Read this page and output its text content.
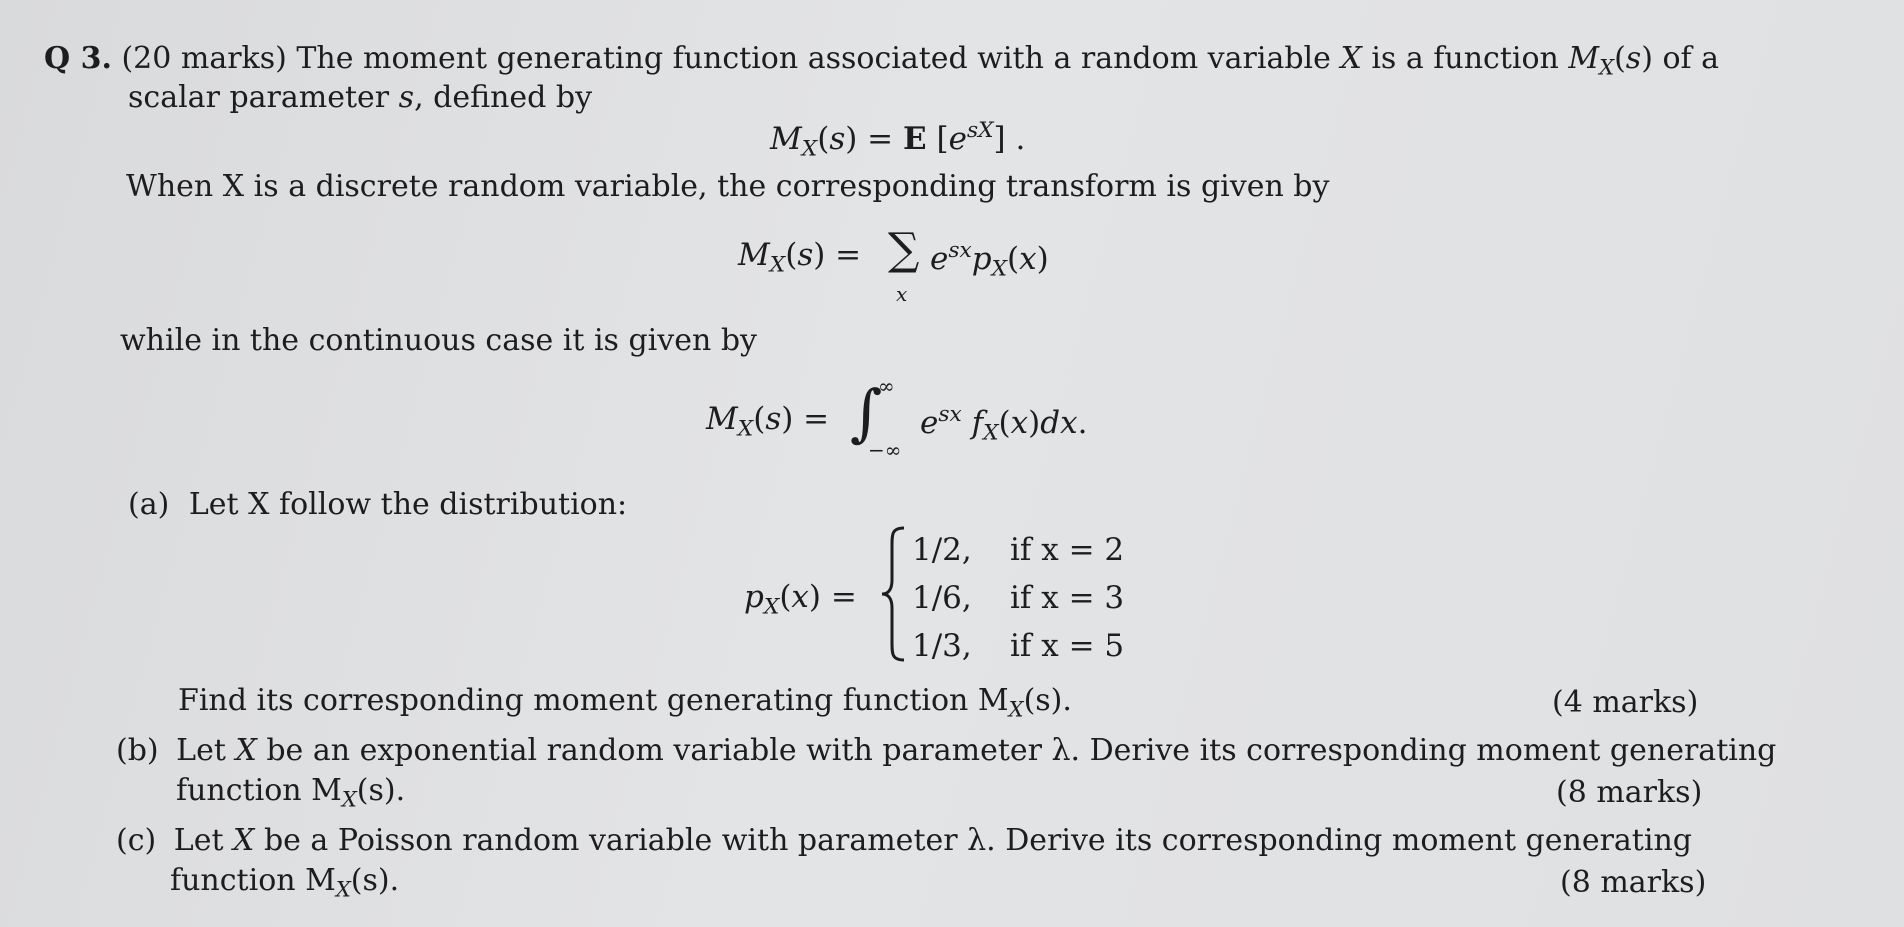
Q 3. (20 marks) The moment generating function associated with a random variable X is a function $M_X(s)$ of a
scalar parameter s, defined by
$M_X(s) = E$ $[e^{sX}]$ .
When X is a discrete random variable, the corresponding transform is given by
$M_X(s)$ = ∑
x
$e^{sx}p_X(x)$
while in the continuous case it is given by
$M_X(s)$ = ∫
∞
−∞
$e^{sx}$ $f_X(x)dx$.
(a) Let X follow the distribution:
$p_X(x)$ =
1/2, if x = 2
1/6, if x = 3
1/3, if x = 5
Find its corresponding moment generating function $M_X(s)$.	(4 marks)
(b) Let X be an exponential random variable with parameter λ. Derive its corresponding moment generating
function $M_X(s)$.	(8 marks)
(c) Let X be a Poisson random variable with parameter λ. Derive its corresponding moment generating
function $M_X(s)$.	(8 marks)
